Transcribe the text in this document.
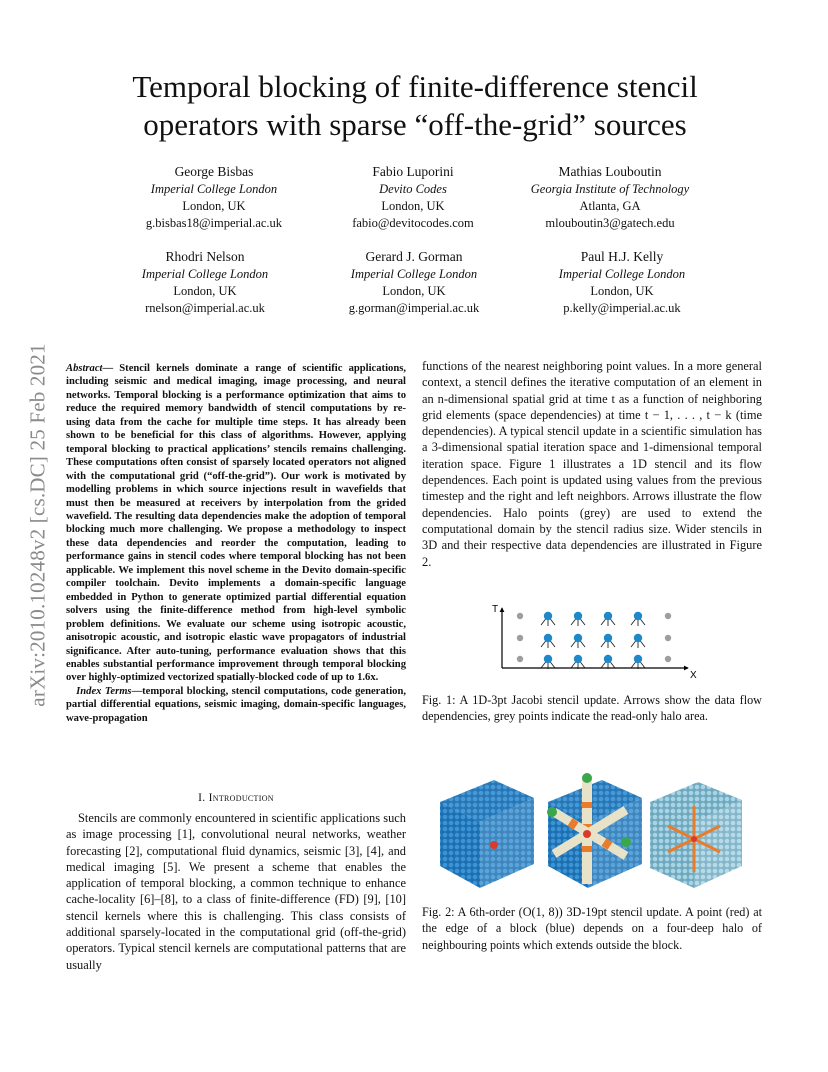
arXiv:2010.10248v2 [cs.DC] 25 Feb 2021
Temporal blocking of finite-difference stencil
operators with sparse “off-the-grid” sources
George Bisbas
Imperial College London
London, UK
g.bisbas18@imperial.ac.uk
Fabio Luporini
Devito Codes
London, UK
fabio@devitocodes.com
Mathias Louboutin
Georgia Institute of Technology
Atlanta, GA
mlouboutin3@gatech.edu
Rhodri Nelson
Imperial College London
London, UK
rnelson@imperial.ac.uk
Gerard J. Gorman
Imperial College London
London, UK
g.gorman@imperial.ac.uk
Paul H.J. Kelly
Imperial College London
London, UK
p.kelly@imperial.ac.uk

Abstract— Stencil kernels dominate a range of scientific applications, including seismic and medical imaging, image processing, and neural networks. Temporal blocking is a performance optimization that aims to reduce the required memory bandwidth of stencil computations by re-using data from the cache for multiple time steps. It has already been shown to be beneficial for this class of algorithms. However, applying temporal blocking to practical applications’ stencils remains challenging. These computations often consist of sparsely located operators not aligned with the computational grid (“off-the-grid”). Our work is motivated by modelling problems in which source injections result in wavefields that must then be measured at receivers by interpolation from the grided wavefield. The resulting data dependencies make the adoption of temporal blocking much more challenging. We propose a methodology to inspect these data dependencies and reorder the computation, leading to performance gains in stencil codes where temporal blocking has not been applicable. We implement this novel scheme in the Devito domain-specific compiler toolchain. Devito implements a domain-specific language embedded in Python to generate optimized partial differential equation solvers using the finite-difference method from high-level symbolic problem definitions. We evaluate our scheme using isotropic acoustic, anisotropic acoustic, and isotropic elastic wave propagators of industrial significance. After auto-tuning, performance evaluation shows that this enables substantial performance improvement through temporal blocking over highly-optimized vectorized spatially-blocked code of up to 1.6x.
Index Terms—temporal blocking, stencil computations, code generation, partial differential equations, seismic imaging, domain-specific languages, wave-propagation

I. Introduction

Stencils are commonly encountered in scientific applications such as image processing [1], convolutional neural networks, weather forecasting [2], computational fluid dynamics, seismic [3], [4], and medical imaging [5]. We present a scheme that enables the application of temporal blocking, a common technique to enhance cache-locality [6]–[8], to a class of finite-difference (FD) [9], [10] stencil kernels where this is challenging. This class consists of additional sparsely-located in the computational grid (off-the-grid) operators. Typical stencil kernels are computational patterns that are usually

functions of the nearest neighboring point values. In a more general context, a stencil defines the iterative computation of an element in an n-dimensional spatial grid at time t as a function of neighboring grid elements (space dependencies) at time t − 1, . . . , t − k (time dependencies). A typical stencil update in a scientific simulation has a 3-dimensional spatial iteration space and 1-dimensional temporal iteration space. Figure 1 illustrates a 1D stencil and its flow dependences. Each point is updated using values from the previous timestep and the right and left neighbors. Arrows illustrate the flow dependencies. Halo points (grey) are used to extend the computational domain by the stencil radius size. Wider stencils in 3D and their respective data dependencies are illustrated in Figure 2.

T
X

Fig. 1: A 1D-3pt Jacobi stencil update. Arrows show the data flow dependencies, grey points indicate the read-only halo area.

Fig. 2: A 6th-order (O(1, 8)) 3D-19pt stencil update. A point (red) at the edge of a block (blue) depends on a four-deep halo of neighbouring points which extends outside the block.
